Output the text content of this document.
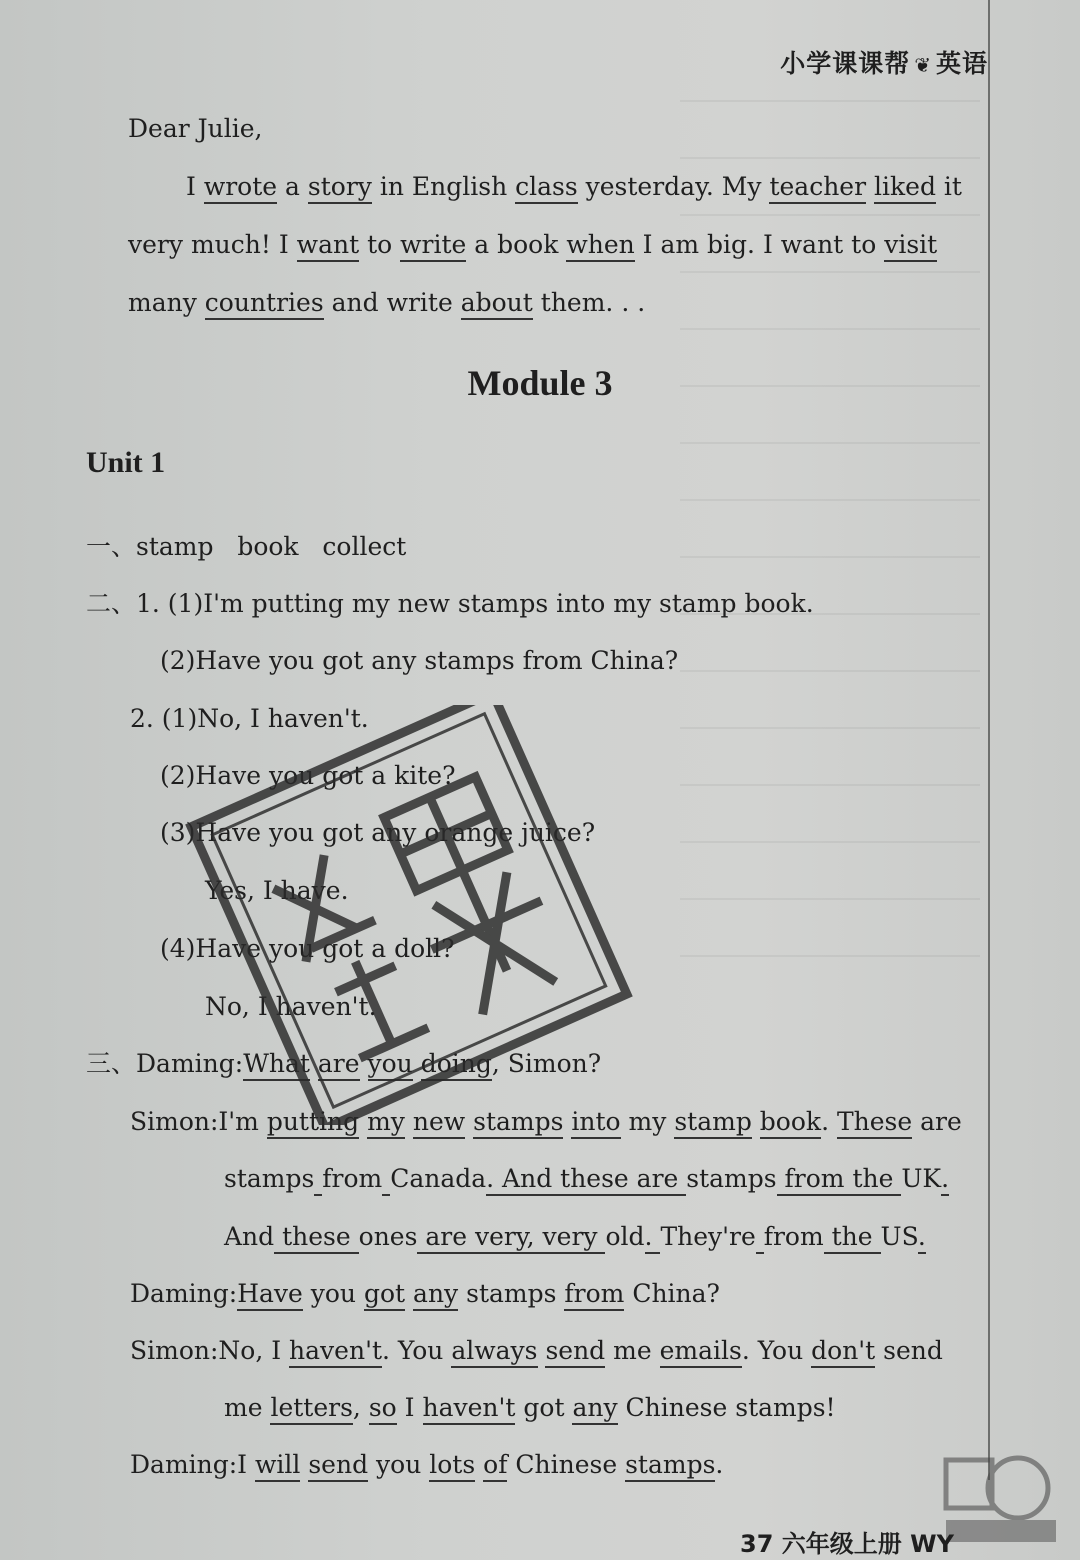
小学课课帮 ❦ 英语
Dear Julie,
I wrote a story in English class yesterday. My teacher liked it
very much! I want to write a book when I am big. I want to visit
many countries and write about them. . .
Module 3
Unit 1
一、stamp   book   collect
二、1. (1)I'm putting my new stamps into my stamp book.
(2)Have you got any stamps from China?
2. (1)No, I haven't.
(2)Have you got a kite?
(3)Have you got any orange juice?
Yes, I have.
(4)Have you got a doll?
No, I haven't.
三、Daming:What are you doing, Simon?
Simon:I'm putting my new stamps into my stamp book. These are
stamps from Canada. And these are stamps from the UK.
And these ones are very, very old. They're from the US.
Daming:Have you got any stamps from China?
Simon:No, I haven't. You always send me emails. You don't send
me letters, so I haven't got any Chinese stamps!
Daming:I will send you lots of Chinese stamps.
37 六年级上册 WY
